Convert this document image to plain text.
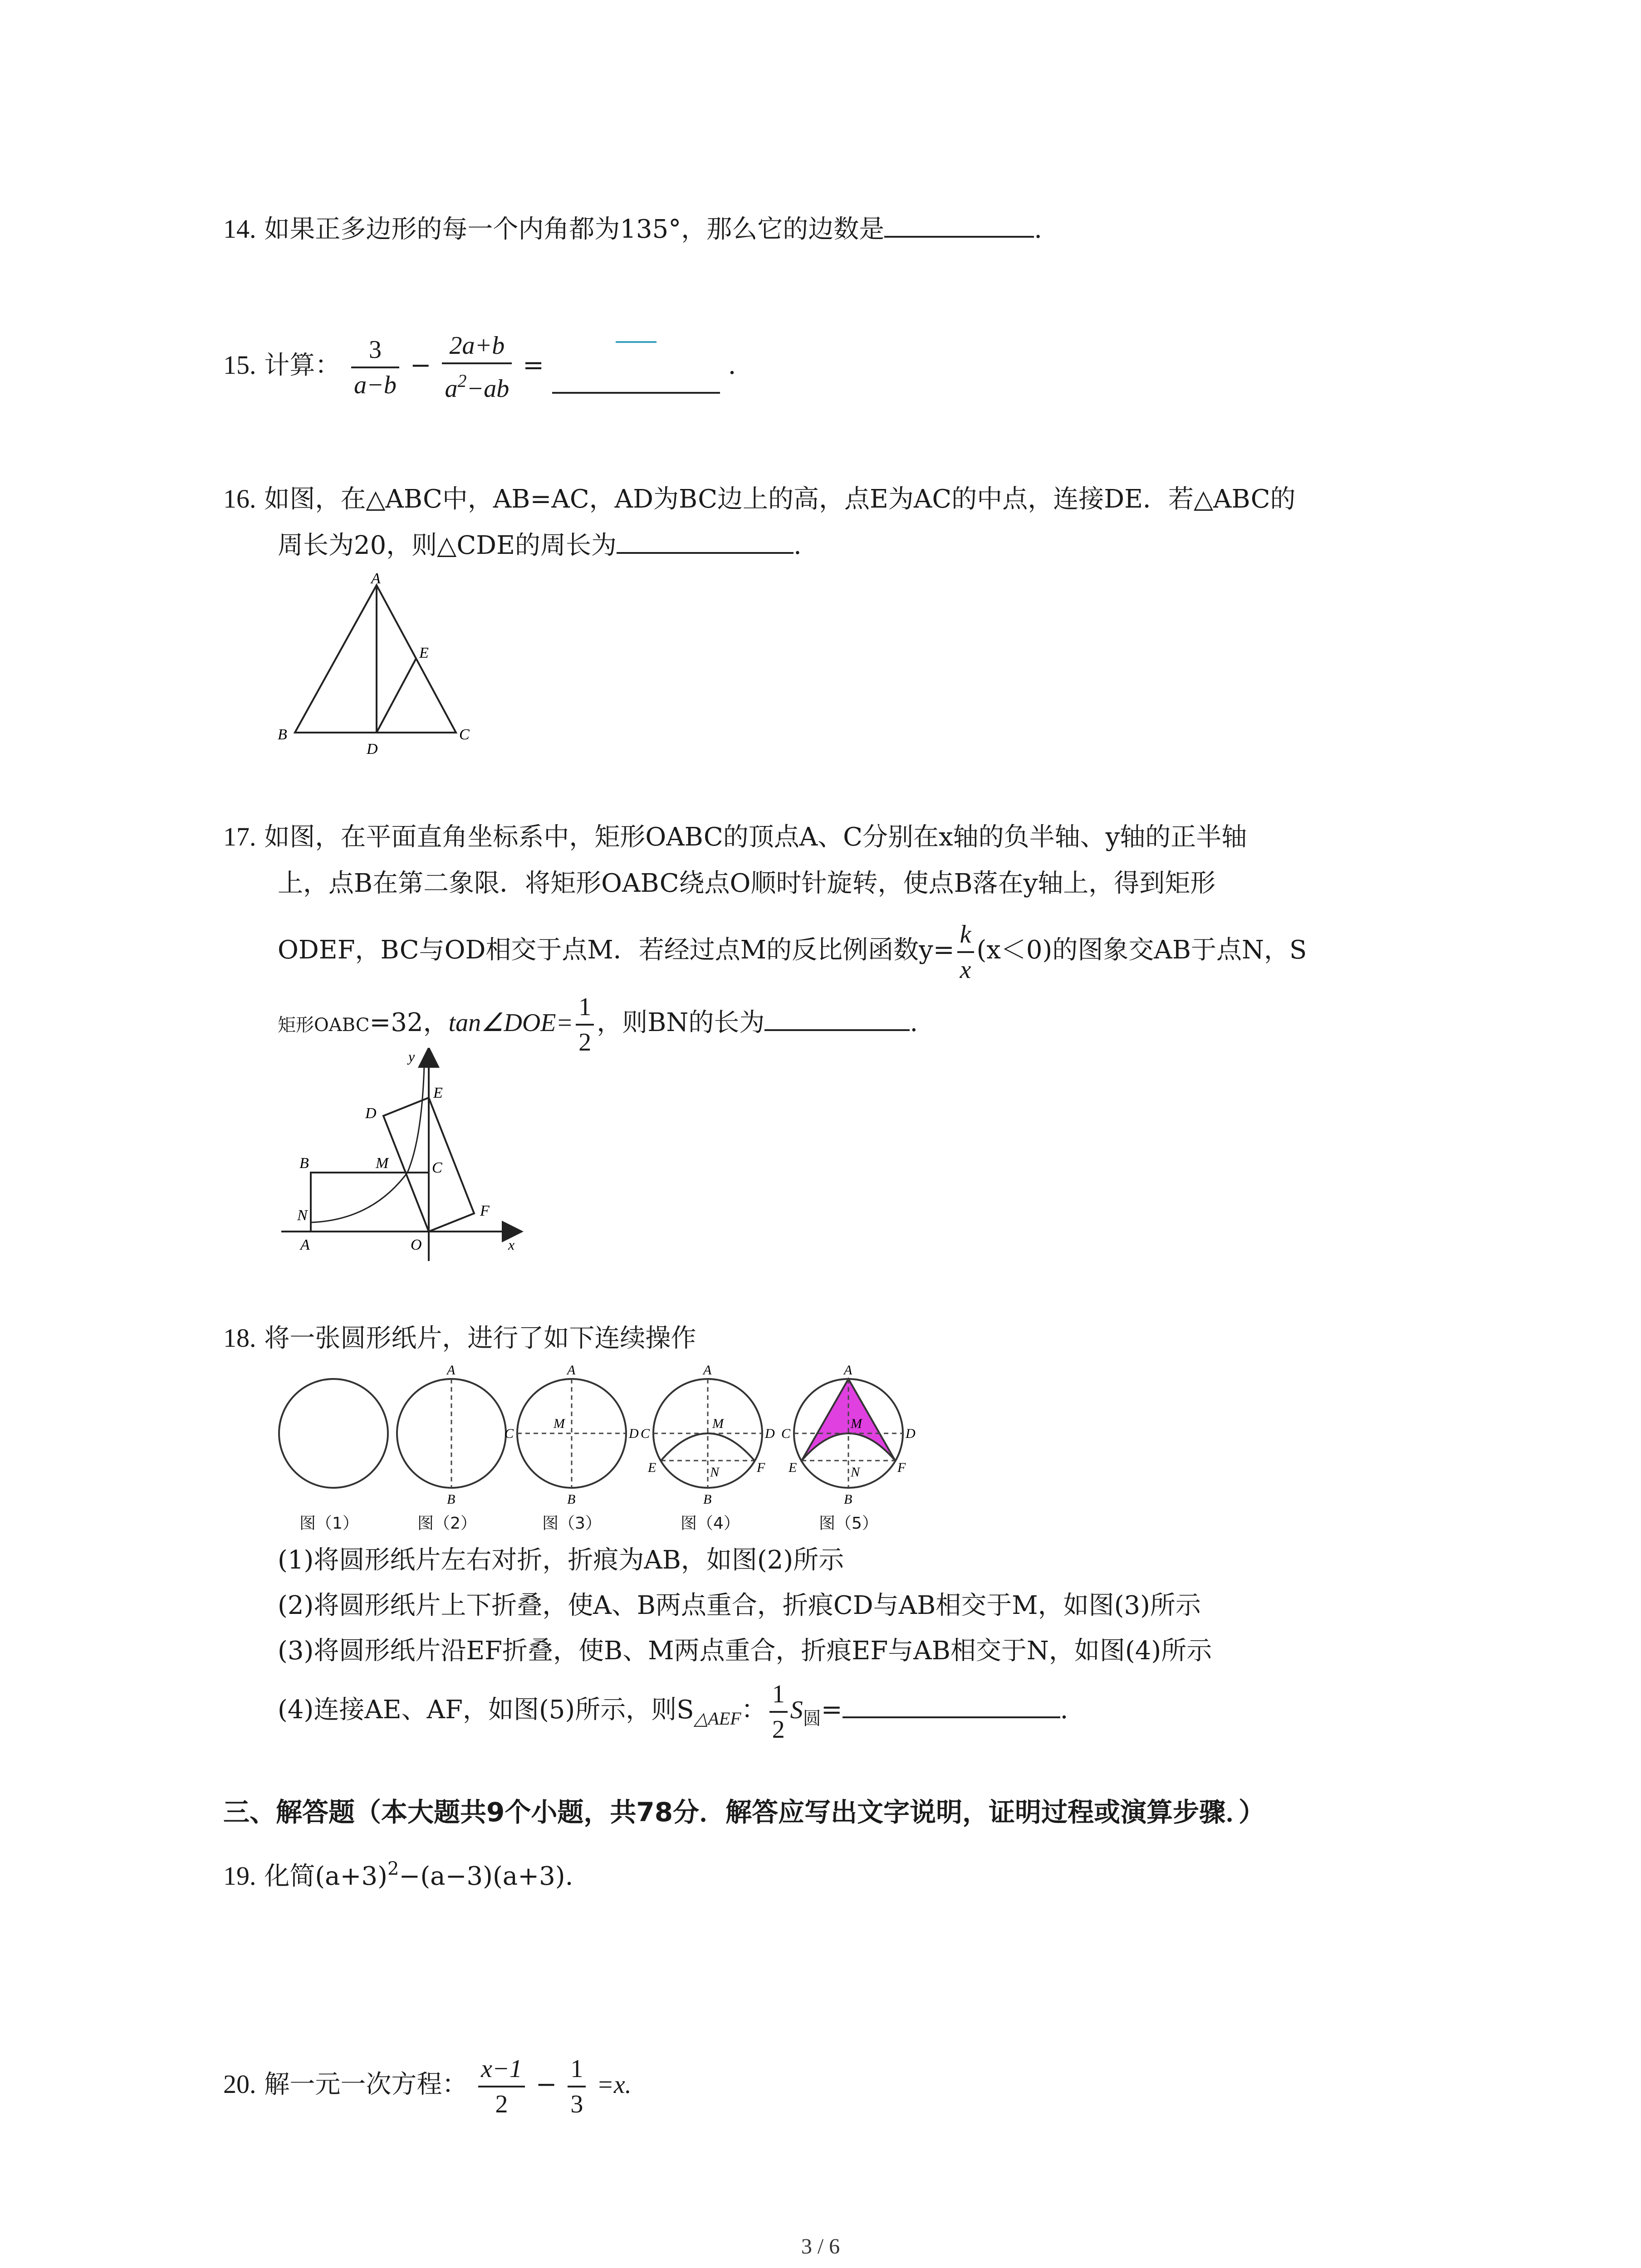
14. 如果正多边形的每一个内角都为135°，那么它的边数是	.
15. 计算： $\frac{3}{a-b} - \frac{2a+b}{a^2-ab}$ =	.
16. 如图，在△ABC中，AB=AC，AD为BC边上的高，点E为AC的中点，连接DE．若△ABC的
周长为20，则△CDE的周长为	.
A
B	C
D
E
17. 如图，在平面直角坐标系中，矩形OABC的顶点A、C分别在x轴的负半轴、y轴的正半轴
上，点B在第二象限．将矩形OABC绕点O顺时针旋转，使点B落在y轴上，得到矩形
ODEF，BC与OD相交于点M．若经过点M的反比例函数$y= \frac{k}{x} (x<0)$的图象交AB于点N，S
矩形OABC=32，tan∠DOE= $\frac{1}{2}$ ，则BN的长为	.
y
x
D
E
B	M	C
N	F
A	O
18. 将一张圆形纸片，进行了如下连续操作
A
B
A
B
C	D
M
A
B
C	D
M
E	F
N
A
B
C	D
M
E	F
N
图（1）	图（2）	图（3）	图（4）	图（5）
(1)将圆形纸片左右对折，折痕为AB，如图(2)所示
(2)将圆形纸片上下折叠，使A、B两点重合，折痕CD与AB相交于M，如图(3)所示
(3)将圆形纸片沿EF折叠，使B、M两点重合，折痕EF与AB相交于N，如图(4)所示
(4)连接AE、AF，如图(5)所示，则$S_{\triangle AEF}$： $\frac{1}{2} S_圆=$	.
三、解答题（本大题共9个小题，共78分．解答应写出文字说明，证明过程或演算步骤．）
19. 化简$(a+3)^2-(a-3)(a+3)$.
20. 解一元一次方程： $\frac{x-1}{2} - \frac{1}{3} =x$.
3 / 6
